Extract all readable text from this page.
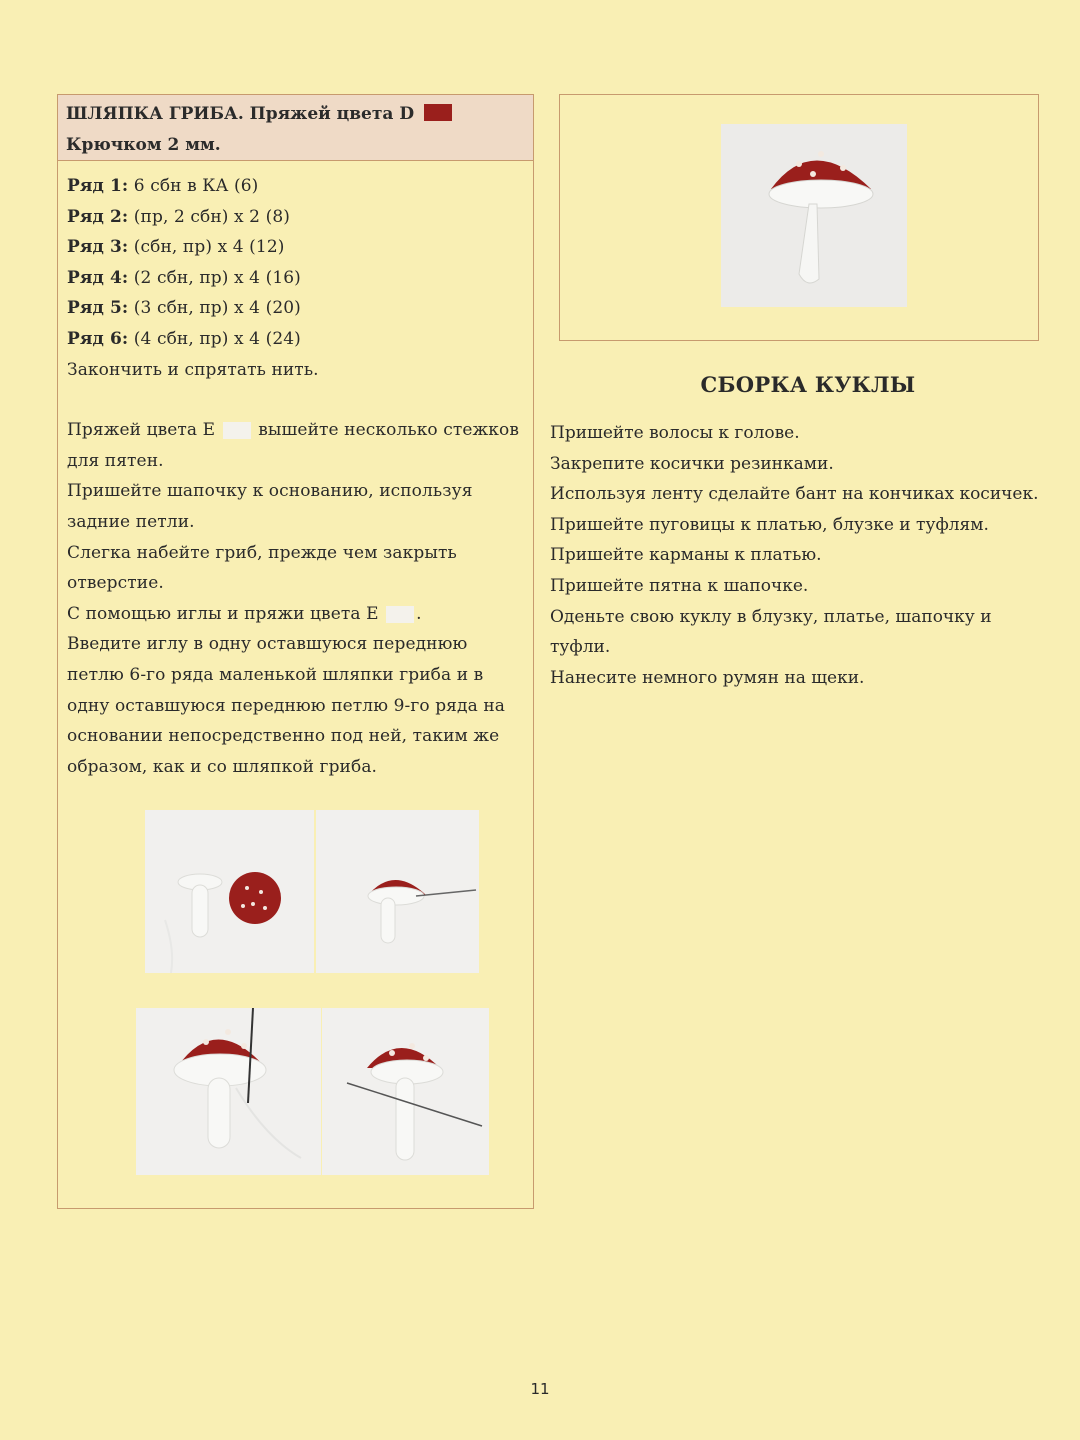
ШЛЯПКА ГРИБА. Пряжей цвета D
Крючком 2 мм.

Ряд 1: 6 сбн в КА (6)

Ряд 2: (пр, 2 сбн) х 2 (8)

Ряд 3: (сбн, пр) х 4 (12)

Ряд 4: (2 сбн, пр) х 4 (16)

Ряд 5: (3 сбн, пр) х 4 (20)

Ряд 6: (4 сбн, пр) х 4 (24)

Закончить и спрятать нить.

Пряжей цвета Е	вышейте несколько стежков для пятен.

Пришейте шапочку к основанию, используя задние петли.

Слегка набейте гриб, прежде чем закрыть отверстие.

С помощью иглы и пряжи цвета Е .

Введите иглу в одну оставшуюся переднюю петлю 6-го ряда маленькой шляпки гриба и в одну оставшуюся переднюю петлю 9-го ряда на основании непосредственно под ней, таким же образом, как и со шляпкой гриба.

СБОРКА КУКЛЫ

Пришейте волосы к голове.

Закрепите косички резинками.

Используя ленту сделайте бант на кончиках косичек.

Пришейте пуговицы к платью, блузке и туфлям.

Пришейте карманы к платью.

Пришейте пятна к шапочке.

Оденьте свою куклу в блузку, платье, шапочку и туфли.

Нанесите немного румян на щеки.

11
